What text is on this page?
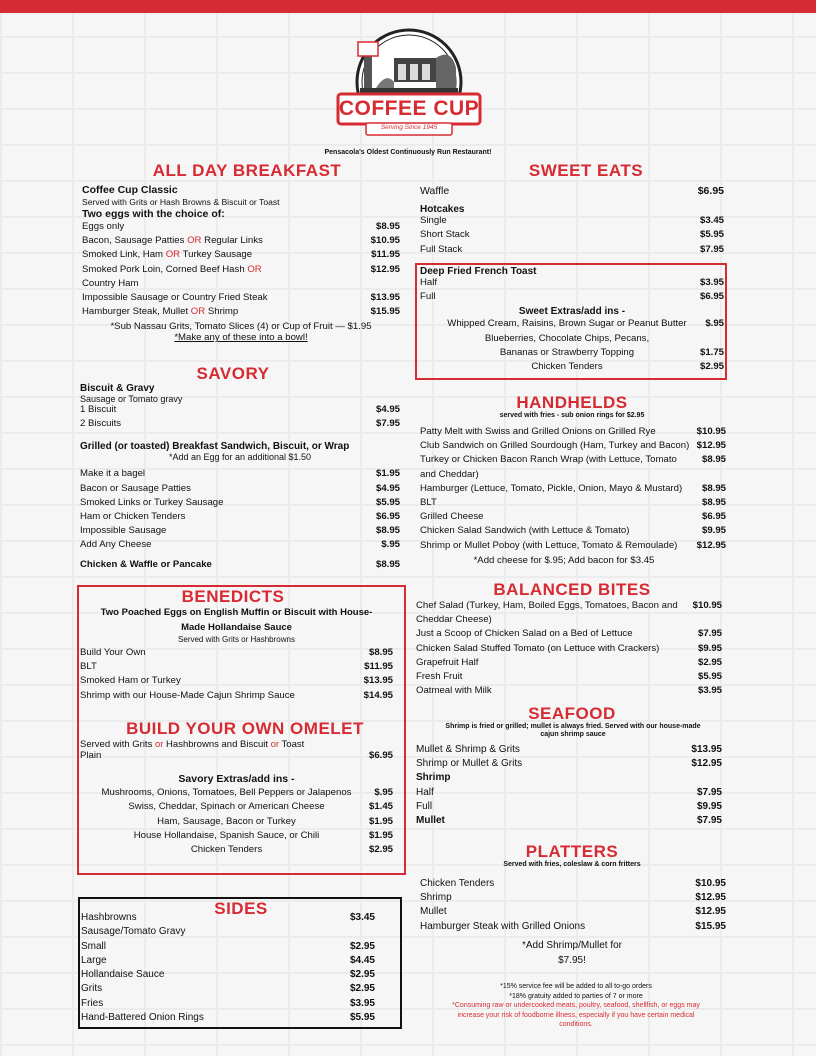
COFFEE CUP
Serving Since 1945
Pensacola's Oldest Continuously Run Restaurant!
ALL DAY BREAKFAST
Coffee Cup Classic
Served with Grits or Hash Browns & Biscuit or Toast
Two eggs with the choice of:
Eggs only	$8.95
Bacon, Sausage Patties OR Regular Links	$10.95
Smoked Link, Ham OR Turkey Sausage	$11.95
Smoked Pork Loin, Corned Beef Hash OR	$12.95
Country Ham
Impossible Sausage or Country Fried Steak	$13.95
Hamburger Steak, Mullet OR Shrimp	$15.95
*Sub Nassau Grits, Tomato Slices (4) or Cup of Fruit — $1.95
*Make any of these into a bowl!
SAVORY
Biscuit & Gravy
Sausage or Tomato gravy
1 Biscuit	$4.95
2 Biscuits	$7.95
Grilled (or toasted) Breakfast Sandwich, Biscuit, or Wrap
*Add an Egg for an additional $1.50
Make it a bagel	$1.95
Bacon or Sausage Patties	$4.95
Smoked Links or Turkey Sausage	$5.95
Ham or Chicken Tenders	$6.95
Impossible Sausage	$8.95
Add Any Cheese	$.95
Chicken & Waffle or Pancake	$8.95
BENEDICTS
Two Poached Eggs on English Muffin or Biscuit with House-Made Hollandaise Sauce
Served with Grits or Hashbrowns
Build Your Own	$8.95
BLT	$11.95
Smoked Ham or Turkey	$13.95
Shrimp with our House-Made Cajun Shrimp Sauce	$14.95
BUILD YOUR OWN OMELET
Served with Grits or Hashbrowns and Biscuit or Toast
Plain	$6.95
Savory Extras/add ins -
Mushrooms, Onions, Tomatoes, Bell Peppers or Jalapenos	$.95
Swiss, Cheddar, Spinach or American Cheese	$1.45
Ham, Sausage, Bacon or Turkey	$1.95
House Hollandaise, Spanish Sauce, or Chili	$1.95
Chicken Tenders	$2.95
SIDES
Hashbrowns	$3.45
Sausage/Tomato Gravy
Small	$2.95
Large	$4.45
Hollandaise Sauce	$2.95
Grits	$2.95
Fries	$3.95
Hand-Battered Onion Rings	$5.95
SWEET EATS
Waffle	$6.95
Hotcakes
Single	$3.45
Short Stack	$5.95
Full Stack	$7.95
Deep Fried French Toast
Half	$3.95
Full	$6.95
Sweet Extras/add ins -
Whipped Cream, Raisins, Brown Sugar or Peanut Butter	$.95
Blueberries, Chocolate Chips, Pecans,
Bananas or Strawberry Topping	$1.75
Chicken Tenders	$2.95
HANDHELDS
served with fries - sub onion rings for $2.95
Patty Melt with Swiss and Grilled Onions on Grilled Rye	$10.95
Club Sandwich on Grilled Sourdough (Ham, Turkey and Bacon) $12.95
Turkey or Chicken Bacon Ranch Wrap (with Lettuce, Tomato	$8.95
and Cheddar)
Hamburger (Lettuce, Tomato, Pickle, Onion, Mayo & Mustard) $8.95
BLT	$8.95
Grilled Cheese	$6.95
Chicken Salad Sandwich (with Lettuce & Tomato)	$9.95
Shrimp or Mullet Poboy (with Lettuce, Tomato & Remoulade) $12.95
*Add cheese for $.95; Add bacon for $3.45
BALANCED BITES
Chef Salad (Turkey, Ham, Boiled Eggs, Tomatoes, Bacon and $10.95
Cheddar Cheese)
Just a Scoop of Chicken Salad on a Bed of Lettuce	$7.95
Chicken Salad Stuffed Tomato (on Lettuce with Crackers)	$9.95
Grapefruit Half	$2.95
Fresh Fruit	$5.95
Oatmeal with Milk	$3.95
SEAFOOD
Shrimp is fried or grilled; mullet is always fried. Served with our house-made cajun shrimp sauce
Mullet & Shrimp & Grits	$13.95
Shrimp or Mullet & Grits	$12.95
Shrimp
Half	$7.95
Full	$9.95
Mullet	$7.95
PLATTERS
Served with fries, coleslaw & corn fritters
Chicken Tenders	$10.95
Shrimp	$12.95
Mullet	$12.95
Hamburger Steak with Grilled Onions	$15.95
*Add Shrimp/Mullet for
$7.95!
*15% service fee will be added to all to-go orders
*18% gratuity added to parties of 7 or more
*Consuming raw or undercooked meats, poultry, seafood, shellfish, or eggs may increase your risk of foodborne illness, especially if you have certain medical conditions.
